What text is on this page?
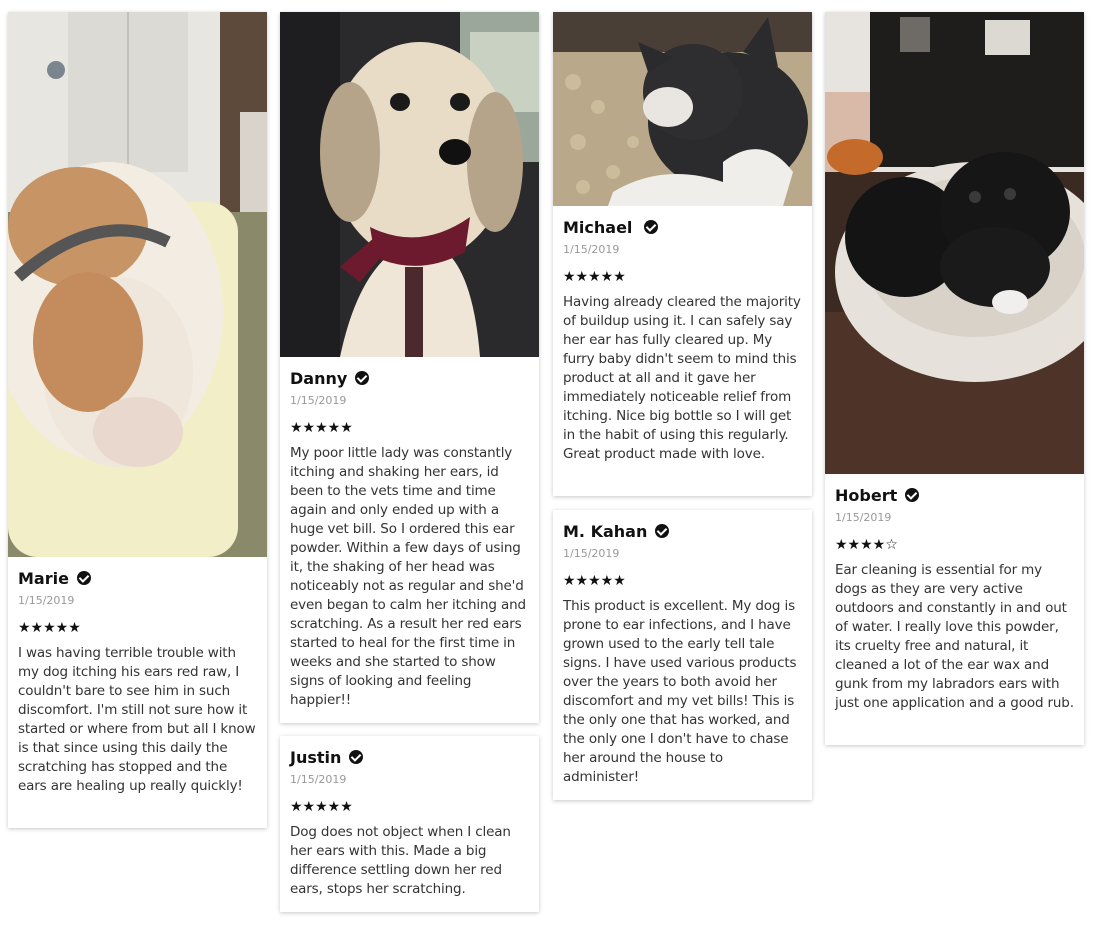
Marie
1/15/2019
★★★★★
I was having terrible trouble with my dog itching his ears red raw, I couldn't bare to see him in such discomfort. I'm still not sure how it started or where from but all I know is that since using this daily the scratching has stopped and the ears are healing up really quickly!
Danny
1/15/2019
★★★★★
My poor little lady was constantly itching and shaking her ears, id been to the vets time and time again and only ended up with a huge vet bill. So I ordered this ear powder. Within a few days of using it, the shaking of her head was noticeably not as regular and she'd even began to calm her itching and scratching. As a result her red ears started to heal for the first time in weeks and she started to show signs of looking and feeling happier!!
Justin
1/15/2019
★★★★★
Dog does not object when I clean her ears with this. Made a big difference settling down her red ears, stops her scratching.
Michael
1/15/2019
★★★★★
Having already cleared the majority of buildup using it. I can safely say her ear has fully cleared up. My furry baby didn't seem to mind this product at all and it gave her immediately noticeable relief from itching. Nice big bottle so I will get in the habit of using this regularly. Great product made with love.
M. Kahan
1/15/2019
★★★★★
This product is excellent. My dog is prone to ear infections, and I have grown used to the early tell tale signs. I have used various products over the years to both avoid her discomfort and my vet bills! This is the only one that has worked, and the only one I don't have to chase her around the house to administer!
Hobert
1/15/2019
★★★★☆
Ear cleaning is essential for my dogs as they are very active outdoors and constantly in and out of water. I really love this powder, its cruelty free and natural, it cleaned a lot of the ear wax and gunk from my labradors ears with just one application and a good rub.
